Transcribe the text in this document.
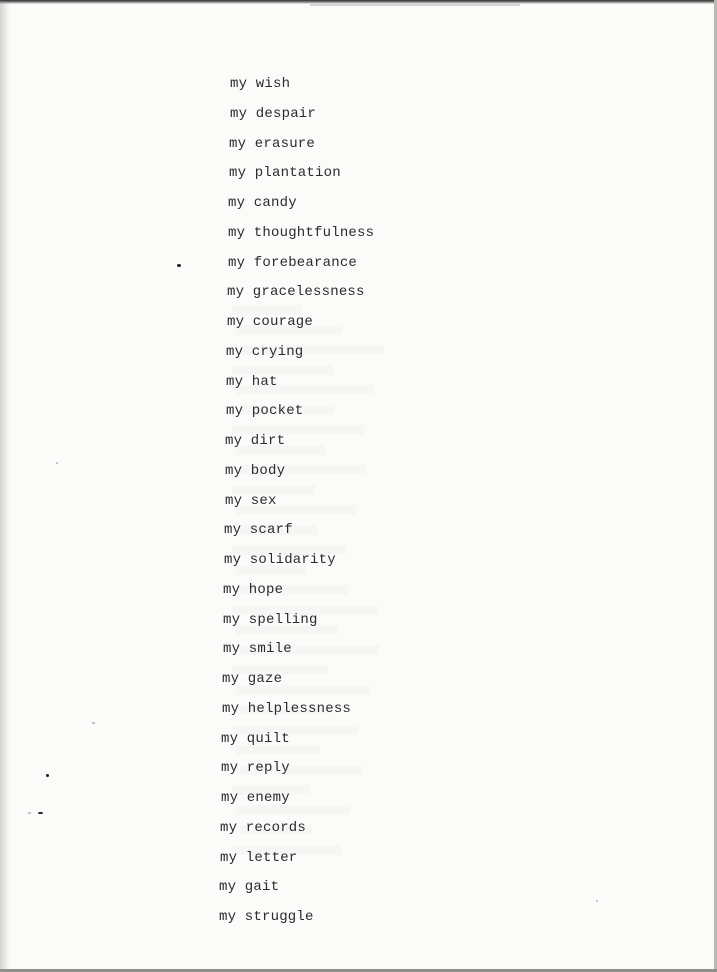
my wish
my despair
my erasure
my plantation
my candy
my thoughtfulness
my forebearance
my gracelessness
my courage
my crying
my hat
my pocket
my dirt
my body
my sex
my scarf
my solidarity
my hope
my spelling
my smile
my gaze
my helplessness
my quilt
my reply
my enemy
my records
my letter
my gait
my struggle
